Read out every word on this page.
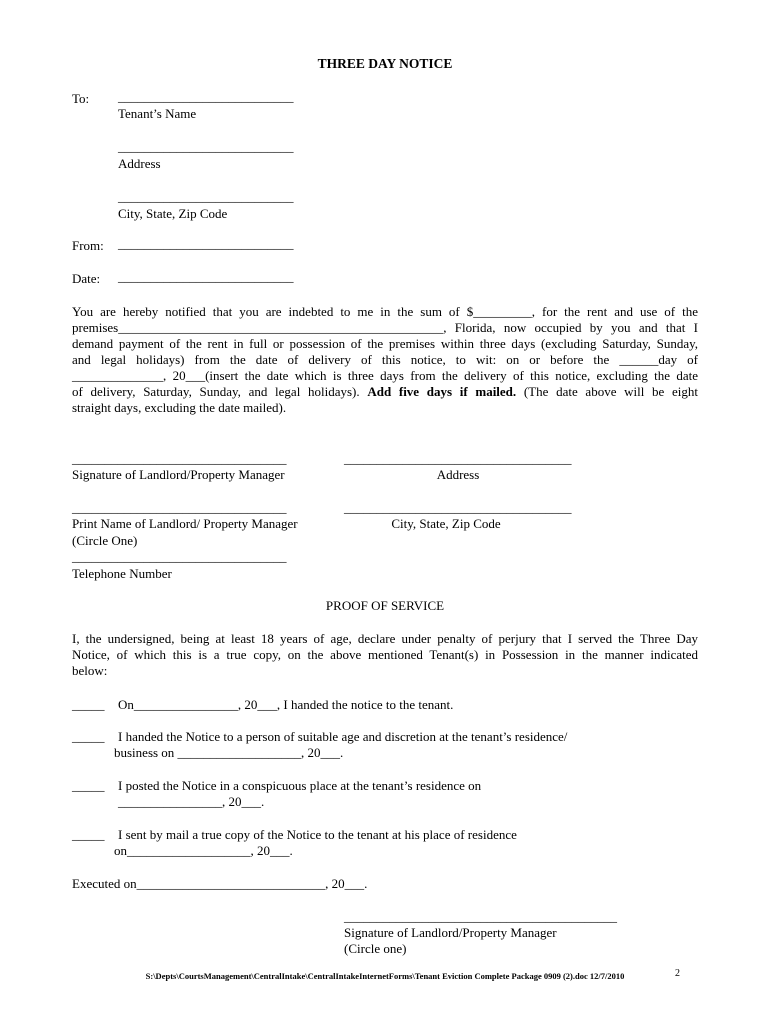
THREE DAY NOTICE
To: ___________________________
Tenant’s Name
___________________________
Address
___________________________
City, State, Zip Code
From: ___________________________
Date: ___________________________
You are hereby notified that you are indebted to me in the sum of $_________, for the rent and use of the
premises__________________________________________________, Florida, now occupied by you and that I
demand payment of the rent in full or possession of the premises within three days (excluding Saturday, Sunday,
and legal holidays) from the date of delivery of this notice, to wit: on or before the ______day of
______________, 20___(insert the date which is three days from the delivery of this notice, excluding the date
of delivery, Saturday, Sunday, and legal holidays). Add five days if mailed. (The date above will be eight
straight days, excluding the date mailed).
_________________________________
Signature of Landlord/Property Manager
___________________________________
Address
_________________________________
Print Name of Landlord/ Property Manager
(Circle One)
___________________________________
City, State, Zip Code
_________________________________
Telephone Number
PROOF OF SERVICE
I, the undersigned, being at least 18 years of age, declare under penalty of perjury that I served the Three Day
Notice, of which this is a true copy, on the above mentioned Tenant(s) in Possession in the manner indicated
below:
_____ On________________, 20___, I handed the notice to the tenant.
_____ I handed the Notice to a person of suitable age and discretion at the tenant’s residence/
business on ___________________, 20___.
_____ I posted the Notice in a conspicuous place at the tenant’s residence on
________________, 20___.
_____ I sent by mail a true copy of the Notice to the tenant at his place of residence
on___________________, 20___.
Executed on_____________________________, 20___.
__________________________________________
Signature of Landlord/Property Manager
(Circle one)
S:\Depts\CourtsManagement\CentralIntake\CentralIntakeInternetForms\Tenant Eviction Complete Package 0909 (2).doc 12/7/2010	2
